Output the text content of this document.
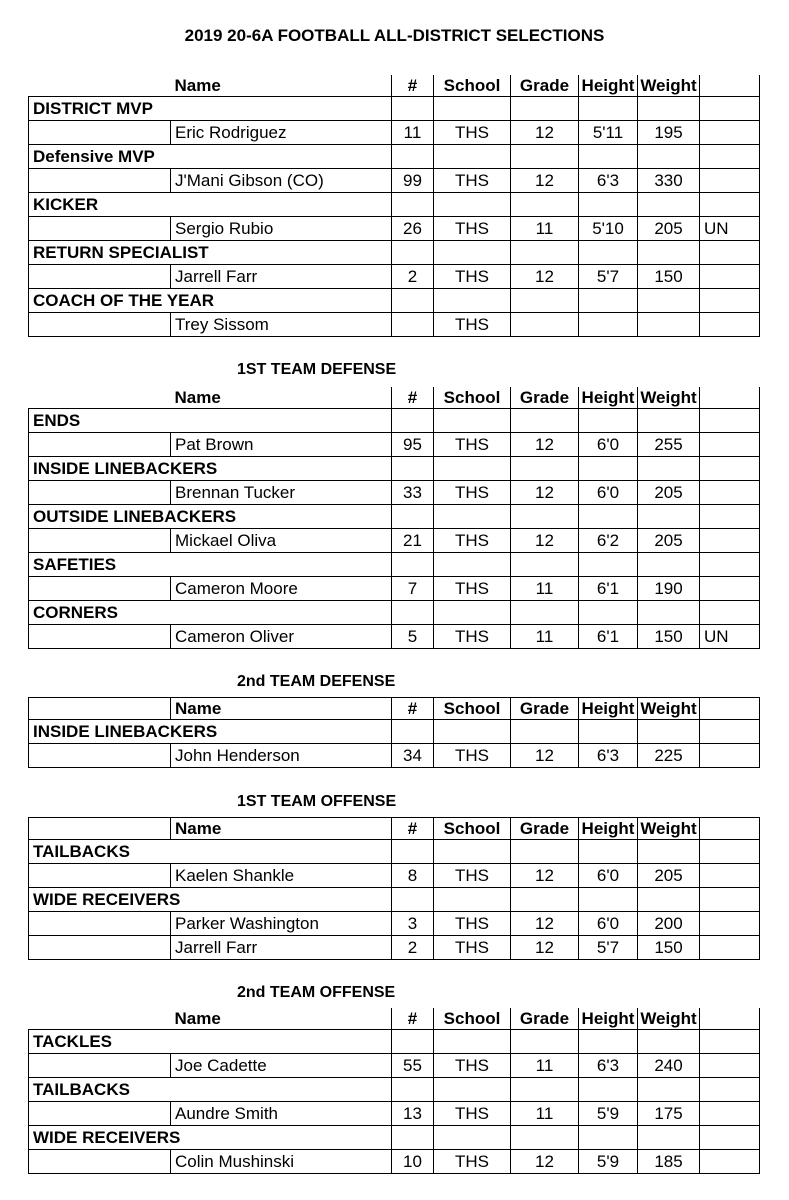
2019 20-6A FOOTBALL ALL-DISTRICT SELECTIONS
	Name	#	School	Grade	Height	Weight	
DISTRICT MVP							
	Eric Rodriguez	11	THS	12	5'11	195	
Defensive MVP							
	J'Mani Gibson (CO)	99	THS	12	6'3	330	
KICKER							
	Sergio Rubio	26	THS	11	5'10	205	UN
RETURN SPECIALIST							
	Jarrell Farr	2	THS	12	5'7	150	
COACH OF THE YEAR							
	Trey Sissom		THS				
1ST TEAM DEFENSE
	Name	#	School	Grade	Height	Weight	
ENDS							
	Pat Brown	95	THS	12	6'0	255	
INSIDE LINEBACKERS							
	Brennan Tucker	33	THS	12	6'0	205	
OUTSIDE LINEBACKERS							
	Mickael Oliva	21	THS	12	6'2	205	
SAFETIES							
	Cameron Moore	7	THS	11	6'1	190	
CORNERS							
	Cameron Oliver	5	THS	11	6'1	150	UN
2nd TEAM DEFENSE
	Name	#	School	Grade	Height	Weight	
INSIDE LINEBACKERS							
	John Henderson	34	THS	12	6'3	225	
1ST TEAM OFFENSE
	Name	#	School	Grade	Height	Weight	
TAILBACKS							
	Kaelen Shankle	8	THS	12	6'0	205	
WIDE RECEIVERS							
	Parker Washington	3	THS	12	6'0	200	
	Jarrell Farr	2	THS	12	5'7	150	
2nd TEAM OFFENSE
	Name	#	School	Grade	Height	Weight	
TACKLES							
	Joe Cadette	55	THS	11	6'3	240	
TAILBACKS							
	Aundre Smith	13	THS	11	5'9	175	
WIDE RECEIVERS							
	Colin Mushinski	10	THS	12	5'9	185	
